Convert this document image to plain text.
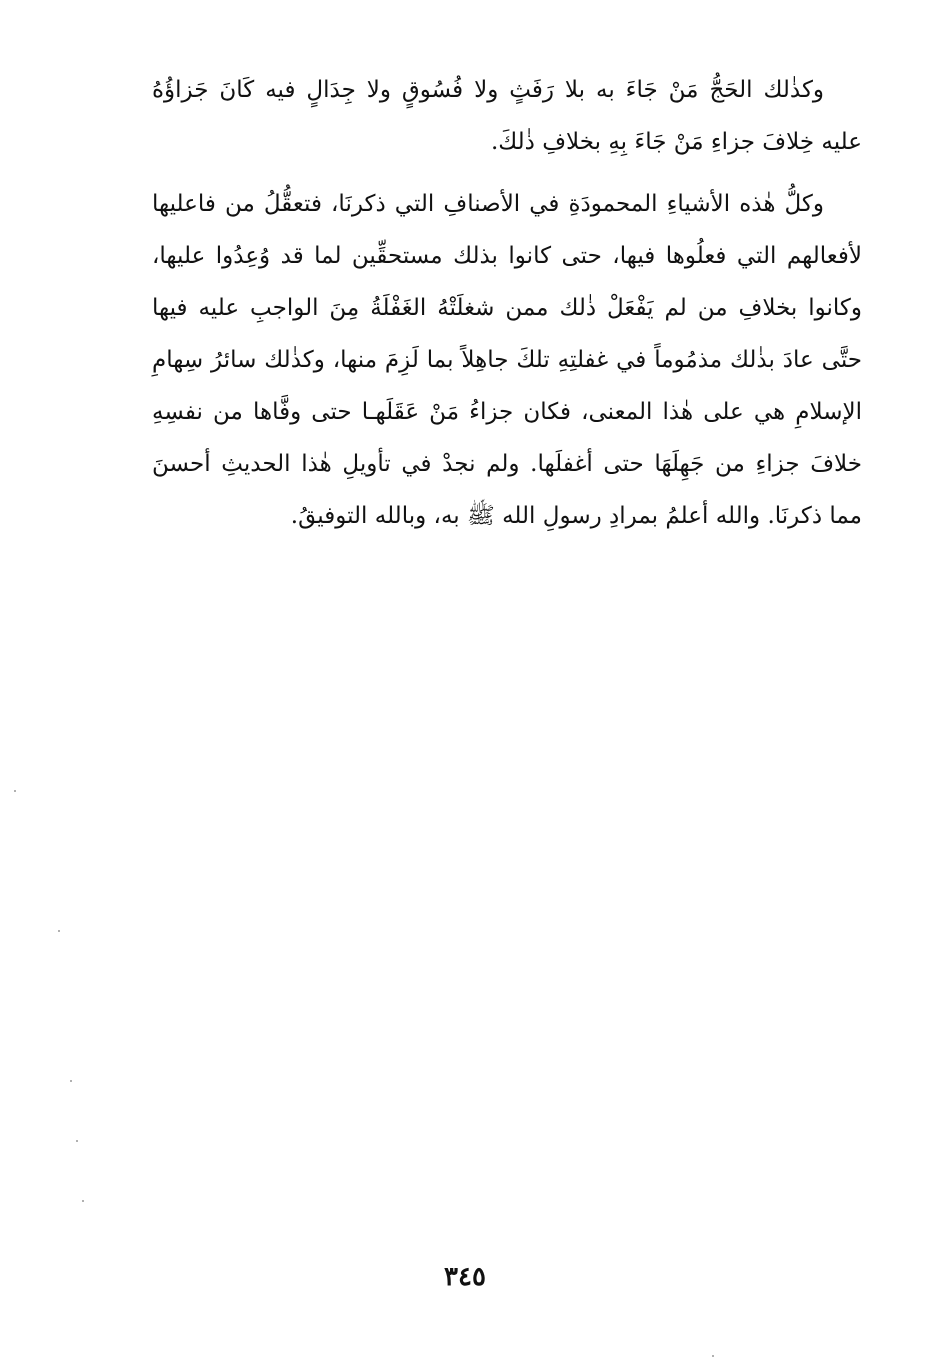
وكذٰلك الحَجُّ مَنْ جَاءَ به بلا رَفَثٍ ولا فُسُوقٍ ولا جِدَالٍ فيه كَانَ جَزاؤُهُ عليه خِلافَ جزاءِ مَنْ جَاءَ بِهِ بخلافِ ذٰلكَ.

وكلُّ هٰذه الأشياءِ المحمودَةِ في الأصنافِ التي ذكرنَا، فتعقُّلُ من فاعليها لأفعالهم التي فعلُوها فيها، حتى كانوا بذلك مستحقِّين لما قد وُعِدُوا عليها، وكانوا بخلافِ من لم يَفْعَلْ ذٰلك ممن شغلَتْهُ الغَفْلَةُ مِنَ الواجبِ عليه فيها حتَّى عادَ بذٰلك مذمُوماً في غفلتِهِ تلكَ جاهِلاً بما لَزِمَ منها، وكذٰلك سائرُ سِهامِ الإسلامِ هي على هٰذا المعنى، فكان جزاءُ مَنْ عَقَلَهـا حتى وفَّاها من نفسِهِ خلافَ جزاءِ من جَهِلَهَا حتى أغفلَها. ولم نجدْ في تأويلِ هٰذا الحديثِ أحسنَ مما ذكرنَا. والله أعلمُ بمرادِ رسولِ الله ﷺ به، وبالله التوفيقُ.

٣٤٥
